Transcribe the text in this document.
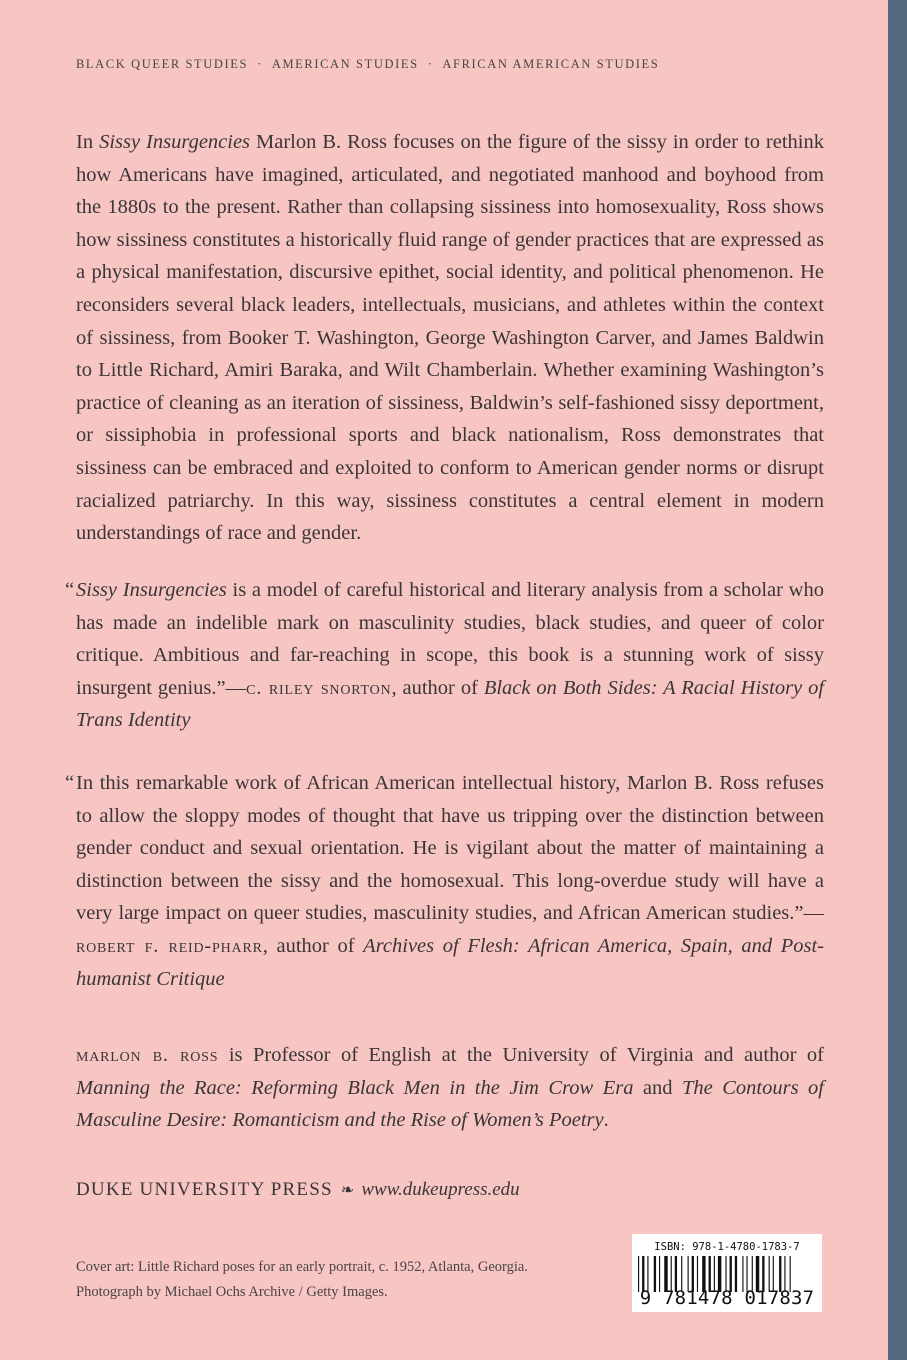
BLACK QUEER STUDIES · AMERICAN STUDIES · AFRICAN AMERICAN STUDIES

In Sissy Insurgencies Marlon B. Ross focuses on the figure of the sissy in order to rethink how Americans have imagined, articulated, and negotiated manhood and boyhood from the 1880s to the present. Rather than collapsing sissiness into homosexuality, Ross shows how sissiness constitutes a historically fluid range of gender practices that are expressed as a physical manifestation, discursive epithet, social identity, and political phenomenon. He reconsiders several black leaders, intellectuals, musicians, and athletes within the context of sissiness, from Booker T. Washington, George Washington Carver, and James Baldwin to Little Richard, Amiri Baraka, and Wilt Chamberlain. Whether examining Washington’s practice of cleaning as an iteration of sissiness, Baldwin’s self-fashioned sissy deportment, or sissiphobia in professional sports and black nationalism, Ross demonstrates that sissiness can be embraced and exploited to conform to American gender norms or disrupt racialized patriarchy. In this way, sissiness constitutes a central element in modern understandings of race and gender.

“ Sissy Insurgencies is a model of careful historical and literary analysis from a scholar who has made an indelible mark on masculinity studies, black studies, and queer of color critique. Ambitious and far-reaching in scope, this book is a stunning work of sissy insurgent genius.”—c. riley snorton, author of Black on Both Sides: A Racial History of Trans Identity

“ In this remarkable work of African American intellectual history, Marlon B. Ross refuses to allow the sloppy modes of thought that have us tripping over the distinction between gender conduct and sexual orientation. He is vigilant about the matter of maintaining a distinction between the sissy and the homosexual. This long-overdue study will have a very large impact on queer studies, masculinity studies, and African American studies.”—robert f. reid-pharr, author of Archives of Flesh: African America, Spain, and Post-humanist Critique

marlon b. ross is Professor of English at the University of Virginia and author of Manning the Race: Reforming Black Men in the Jim Crow Era and The Contours of Masculine Desire: Romanticism and the Rise of Women’s Poetry.

DUKE UNIVERSITY PRESS ❧ www.dukeupress.edu
Cover art: Little Richard poses for an early portrait, c. 1952, Atlanta, Georgia.
Photograph by Michael Ochs Archive / Getty Images.
ISBN: 978-1-4780-1783-7
9 781478 017837
